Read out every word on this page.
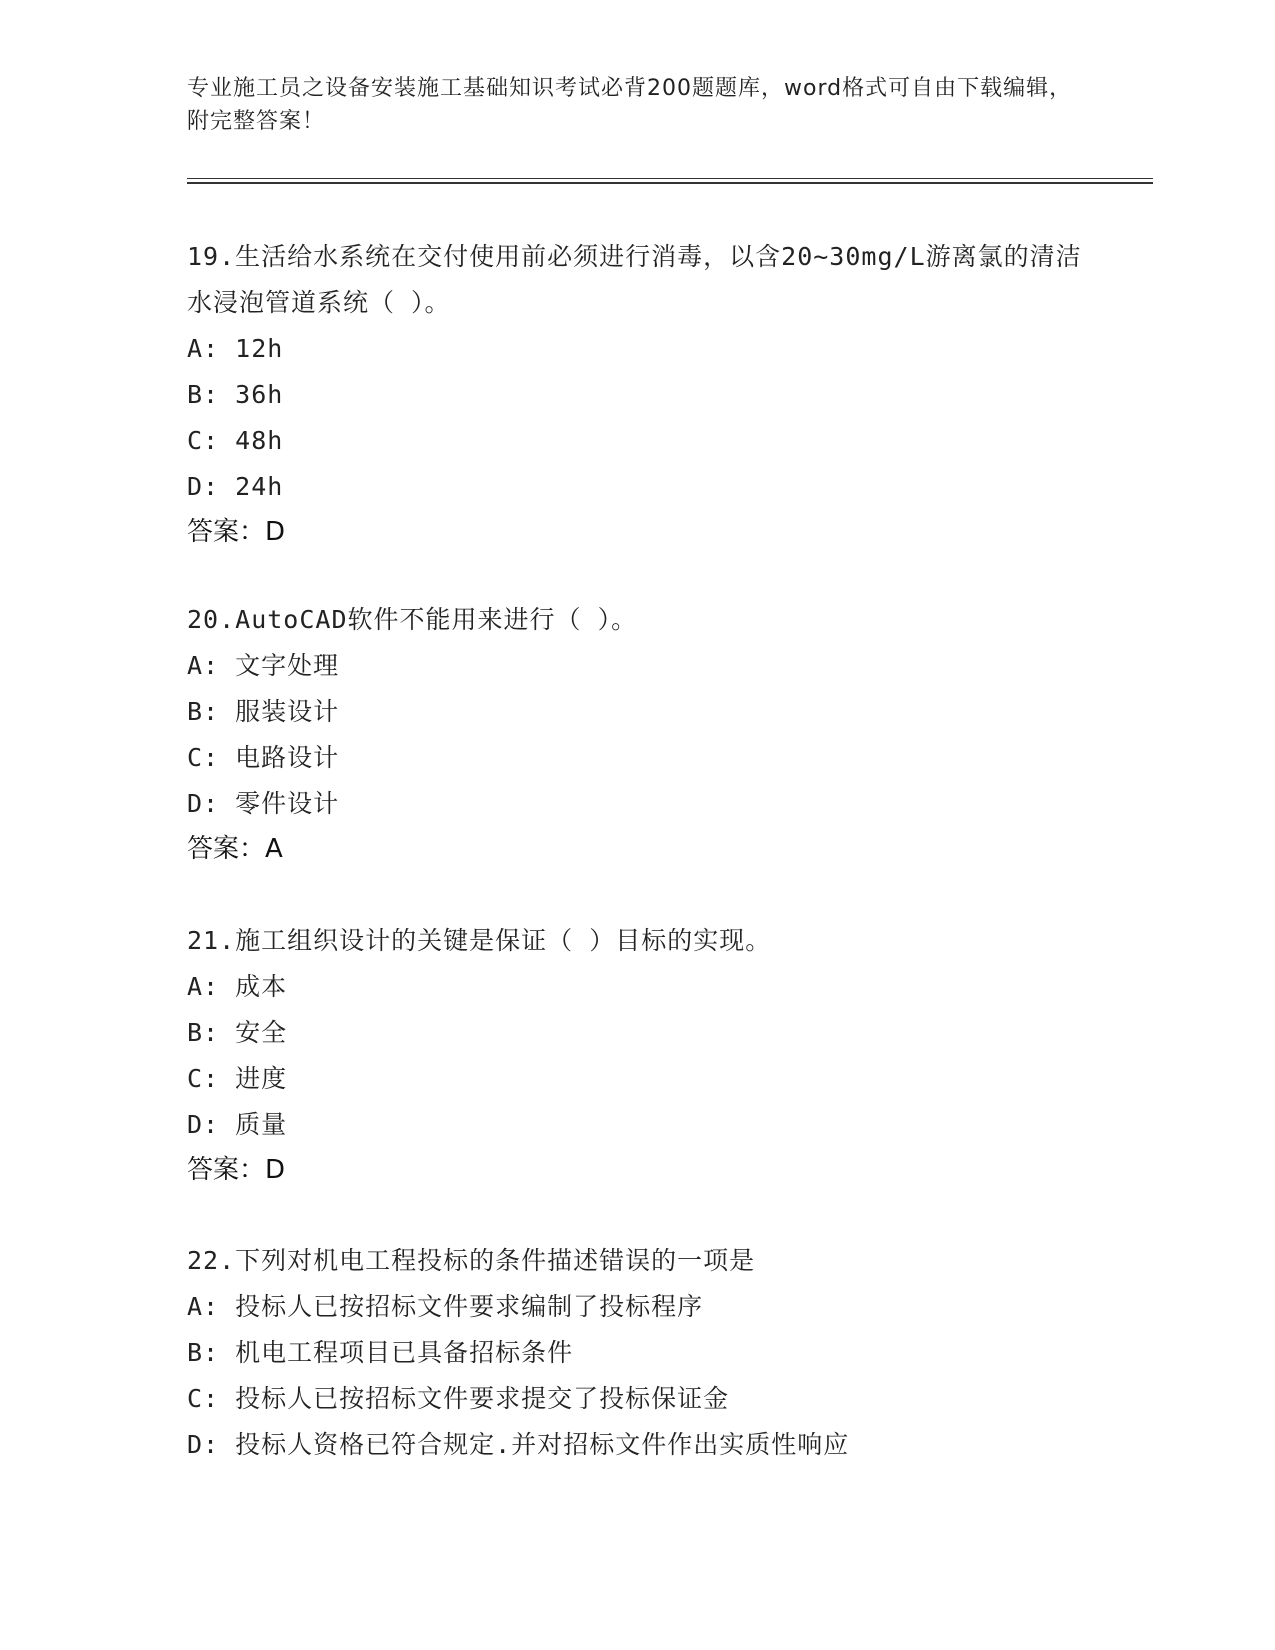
专业施工员之设备安装施工基础知识考试必背200题题库，word格式可自由下载编辑，附完整答案！

19.生活给水系统在交付使用前必须进行消毒，以含20~30mg/L游离氯的清洁水浸泡管道系统（ ）。

A: 12h

B: 36h

C: 48h

D: 24h

答案：D

20.AutoCAD软件不能用来进行（ ）。

A: 文字处理

B: 服装设计

C: 电路设计

D: 零件设计

答案：A

21.施工组织设计的关键是保证（ ）目标的实现。

A: 成本

B: 安全

C: 进度

D: 质量

答案：D

22.下列对机电工程投标的条件描述错误的一项是

A: 投标人已按招标文件要求编制了投标程序

B: 机电工程项目已具备招标条件

C: 投标人已按招标文件要求提交了投标保证金

D: 投标人资格已符合规定.并对招标文件作出实质性响应
